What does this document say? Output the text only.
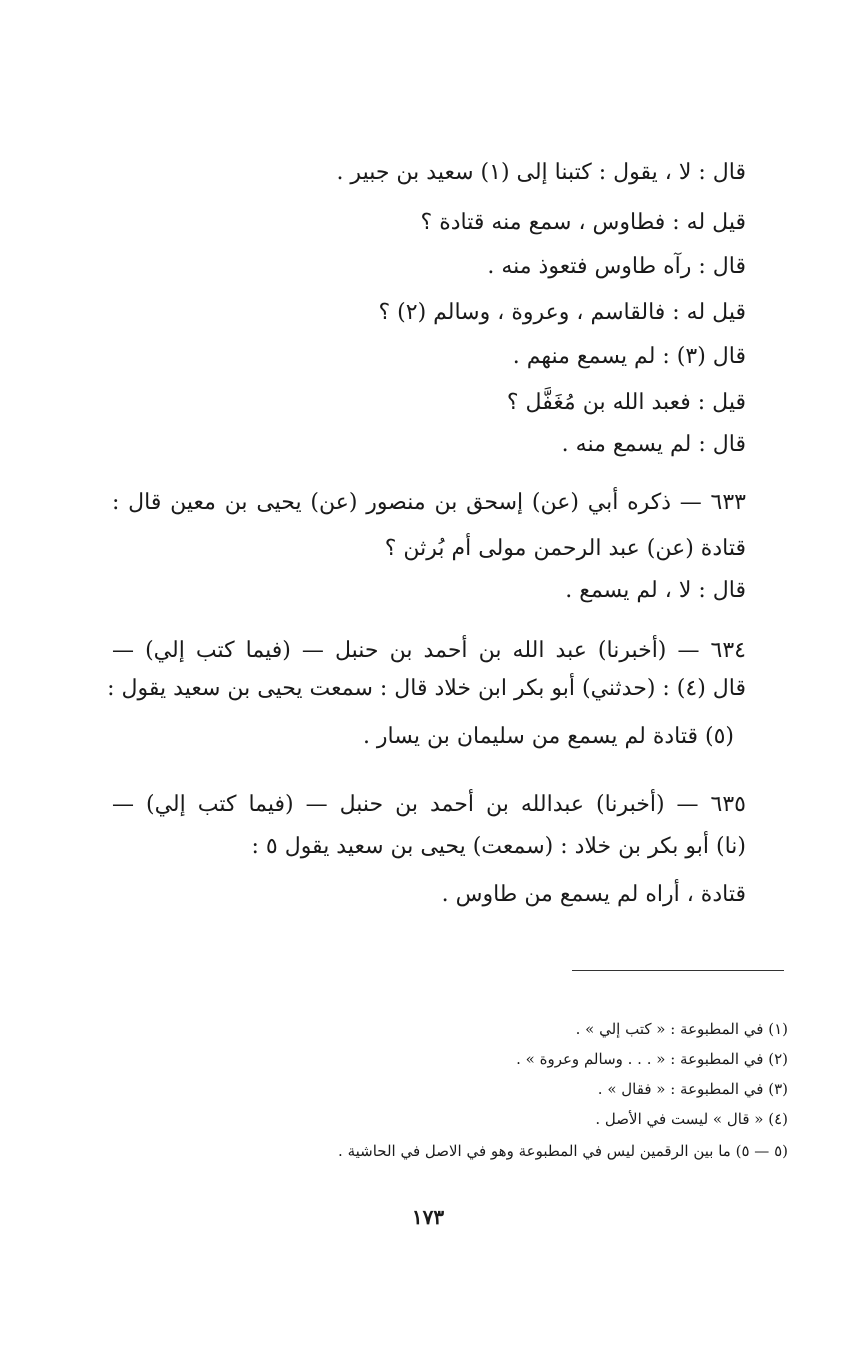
قال : لا ، يقول : كتبنا إلى (١) سعيد بن جبير .
قيل له : فطاوس ، سمع منه قتادة ؟
قال : رآه طاوس فتعوذ منه .
قيل له : فالقاسم ، وعروة ، وسالم (٢) ؟
قال (٣) : لم يسمع منهم .
قيل : فعبد الله بن مُغَفَّل ؟
قال : لم يسمع منه .
٦٣٣ — ذكره أبي (عن) إسحق بن منصور (عن) يحيى بن معين قال :
قتادة (عن) عبد الرحمن مولى أم بُرثن ؟
قال : لا ، لم يسمع .
٦٣٤ — (أخبرنا) عبد الله بن أحمد بن حنبل — (فيما كتب إلي) —
قال (٤) : (حدثني) أبو بكر ابن خلاد قال : سمعت يحيى بن سعيد يقول :
(٥) قتادة لم يسمع من سليمان بن يسار .
٦٣٥ — (أخبرنا) عبدالله بن أحمد بن حنبل — (فيما كتب إلي) —
(نا) أبو بكر بن خلاد : (سمعت) يحيى بن سعيد يقول ٥ :
قتادة ، أراه لم يسمع من طاوس .
(١) في المطبوعة : « كتب إلي » .
(٢) في المطبوعة : « . . . وسالم وعروة » .
(٣) في المطبوعة : « فقال » .
(٤) « قال » ليست في الأصل .
(٥ — ٥) ما بين الرقمين ليس في المطبوعة وهو في الاصل في الحاشية .
١٧٣
